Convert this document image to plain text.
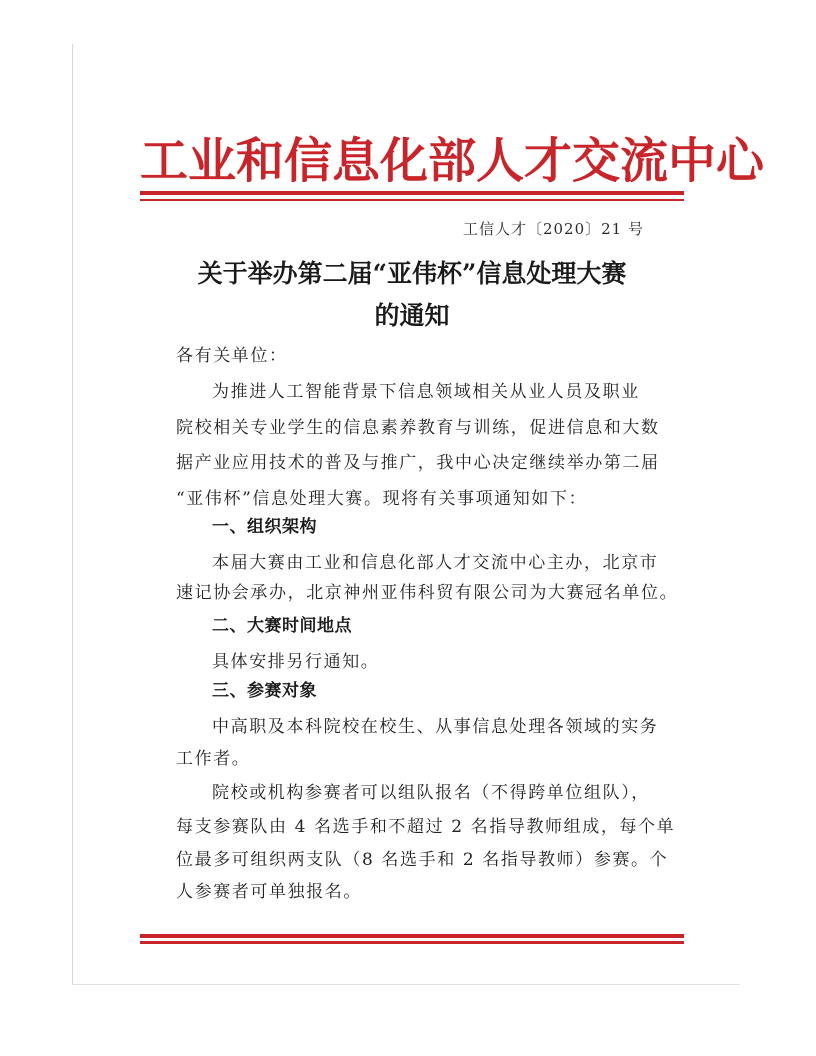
工业和信息化部人才交流中心
工信人才〔2020〕21 号
关于举办第二届“亚伟杯”信息处理大赛
的通知
各有关单位：
为推进人工智能背景下信息领域相关从业人员及职业
院校相关专业学生的信息素养教育与训练，促进信息和大数
据产业应用技术的普及与推广，我中心决定继续举办第二届
“亚伟杯”信息处理大赛。现将有关事项通知如下：
一、组织架构
本届大赛由工业和信息化部人才交流中心主办，北京市
速记协会承办，北京神州亚伟科贸有限公司为大赛冠名单位。
二、大赛时间地点
具体安排另行通知。
三、参赛对象
中高职及本科院校在校生、从事信息处理各领域的实务
工作者。
院校或机构参赛者可以组队报名（不得跨单位组队），
每支参赛队由 4 名选手和不超过 2 名指导教师组成，每个单
位最多可组织两支队（8 名选手和 2 名指导教师）参赛。个
人参赛者可单独报名。
